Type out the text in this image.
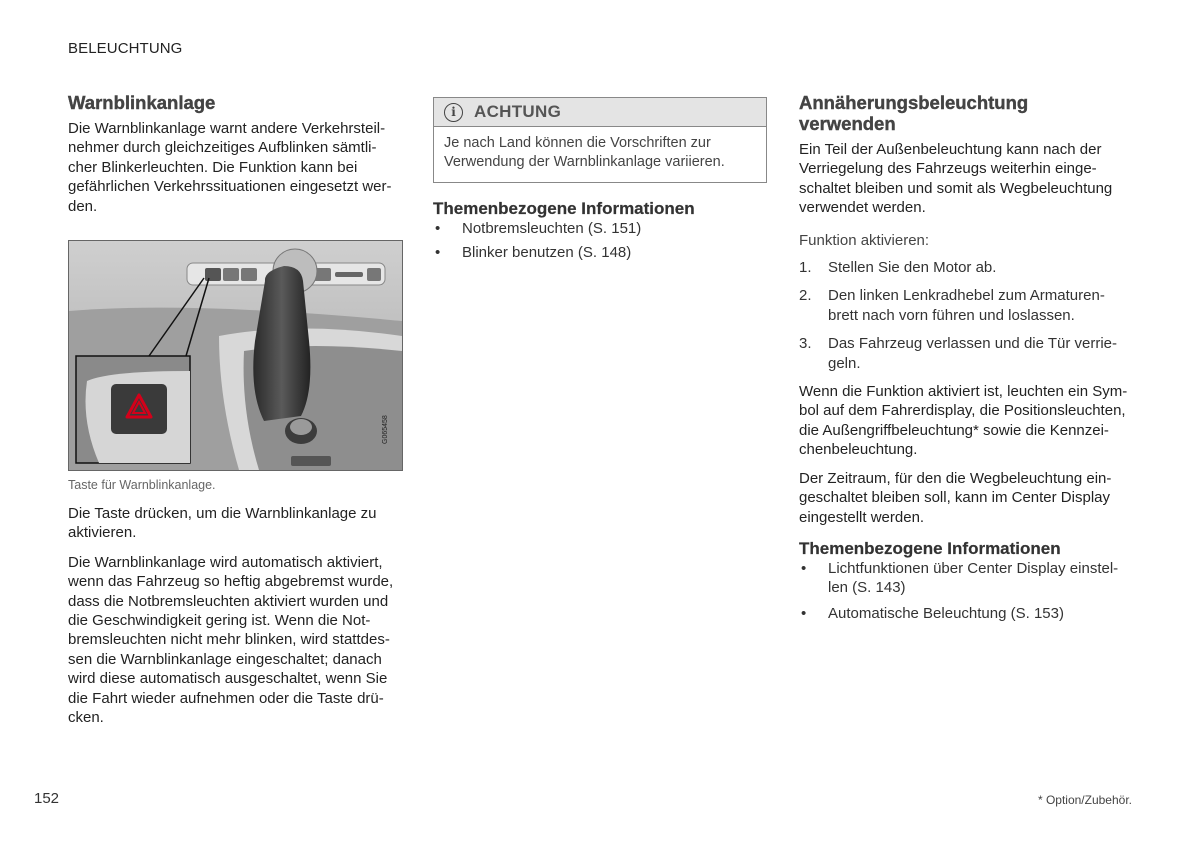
BELEUCHTUNG
Warnblinkanlage

Die Warnblinkanlage warnt andere Verkehrsteil-
nehmer durch gleichzeitiges Aufblinken sämtli-
cher Blinkerleuchten. Die Funktion kann bei
gefährlichen Verkehrssituationen eingesetzt wer-
den.

G065458
Taste für Warnblinkanlage.

Die Taste drücken, um die Warnblinkanlage zu
aktivieren.

Die Warnblinkanlage wird automatisch aktiviert,
wenn das Fahrzeug so heftig abgebremst wurde,
dass die Notbremsleuchten aktiviert wurden und
die Geschwindigkeit gering ist. Wenn die Not-
bremsleuchten nicht mehr blinken, wird stattdes-
sen die Warnblinkanlage eingeschaltet; danach
wird diese automatisch ausgeschaltet, wenn Sie
die Fahrt wieder aufnehmen oder die Taste drü-
cken.

i	ACHTUNG
Je nach Land können die Vorschriften zur
Verwendung der Warnblinkanlage variieren.
Themenbezogene Informationen
• Notbremsleuchten (S. 151)
• Blinker benutzen (S. 148)
Annäherungsbeleuchtung
verwenden

Ein Teil der Außenbeleuchtung kann nach der
Verriegelung des Fahrzeugs weiterhin einge-
schaltet bleiben und somit als Wegbeleuchtung
verwendet werden.

Funktion aktivieren:

1. Stellen Sie den Motor ab.
2. Den linken Lenkradhebel zum Armaturen-
brett nach vorn führen und loslassen.
3. Das Fahrzeug verlassen und die Tür verrie-
geln.

Wenn die Funktion aktiviert ist, leuchten ein Sym-
bol auf dem Fahrerdisplay, die Positionsleuchten,
die Außengriffbeleuchtung* sowie die Kennzei-
chenbeleuchtung.

Der Zeitraum, für den die Wegbeleuchtung ein-
geschaltet bleiben soll, kann im Center Display
eingestellt werden.

Themenbezogene Informationen
• Lichtfunktionen über Center Display einstel-
len (S. 143)
• Automatische Beleuchtung (S. 153)
152	* Option/Zubehör.
